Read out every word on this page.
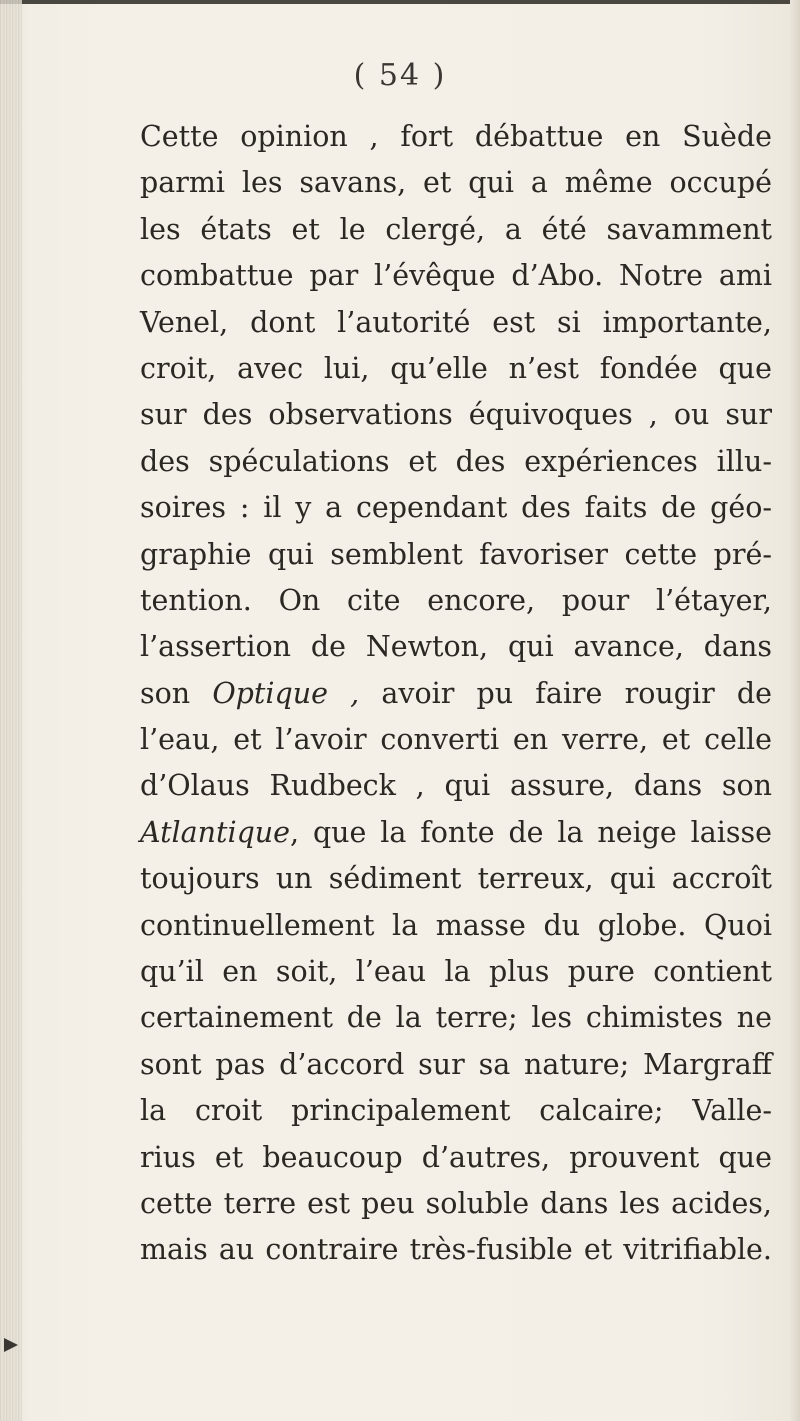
( 54 )
Cette opinion , fort débattue en Suède
parmi les savans, et qui a même occupé
les états et le clergé, a été savamment
combattue par l’évêque d’Abo. Notre ami
Venel, dont l’autorité est si importante,
croit, avec lui, qu’elle n’est fondée que
sur des observations équivoques , ou sur
des spéculations et des expériences illu-
soires : il y a cependant des faits de géo-
graphie qui semblent favoriser cette pré-
tention. On cite encore, pour l’étayer,
l’assertion de Newton, qui avance, dans
son Optique , avoir pu faire rougir de
l’eau, et l’avoir converti en verre, et celle
d’Olaus Rudbeck , qui assure, dans son
Atlantique, que la fonte de la neige laisse
toujours un sédiment terreux, qui accroît
continuellement la masse du globe. Quoi
qu’il en soit, l’eau la plus pure contient
certainement de la terre; les chimistes ne
sont pas d’accord sur sa nature; Margraff
la croit principalement calcaire; Valle-
rius et beaucoup d’autres, prouvent que
cette terre est peu soluble dans les acides,
mais au contraire très-fusible et vitrifiable.
